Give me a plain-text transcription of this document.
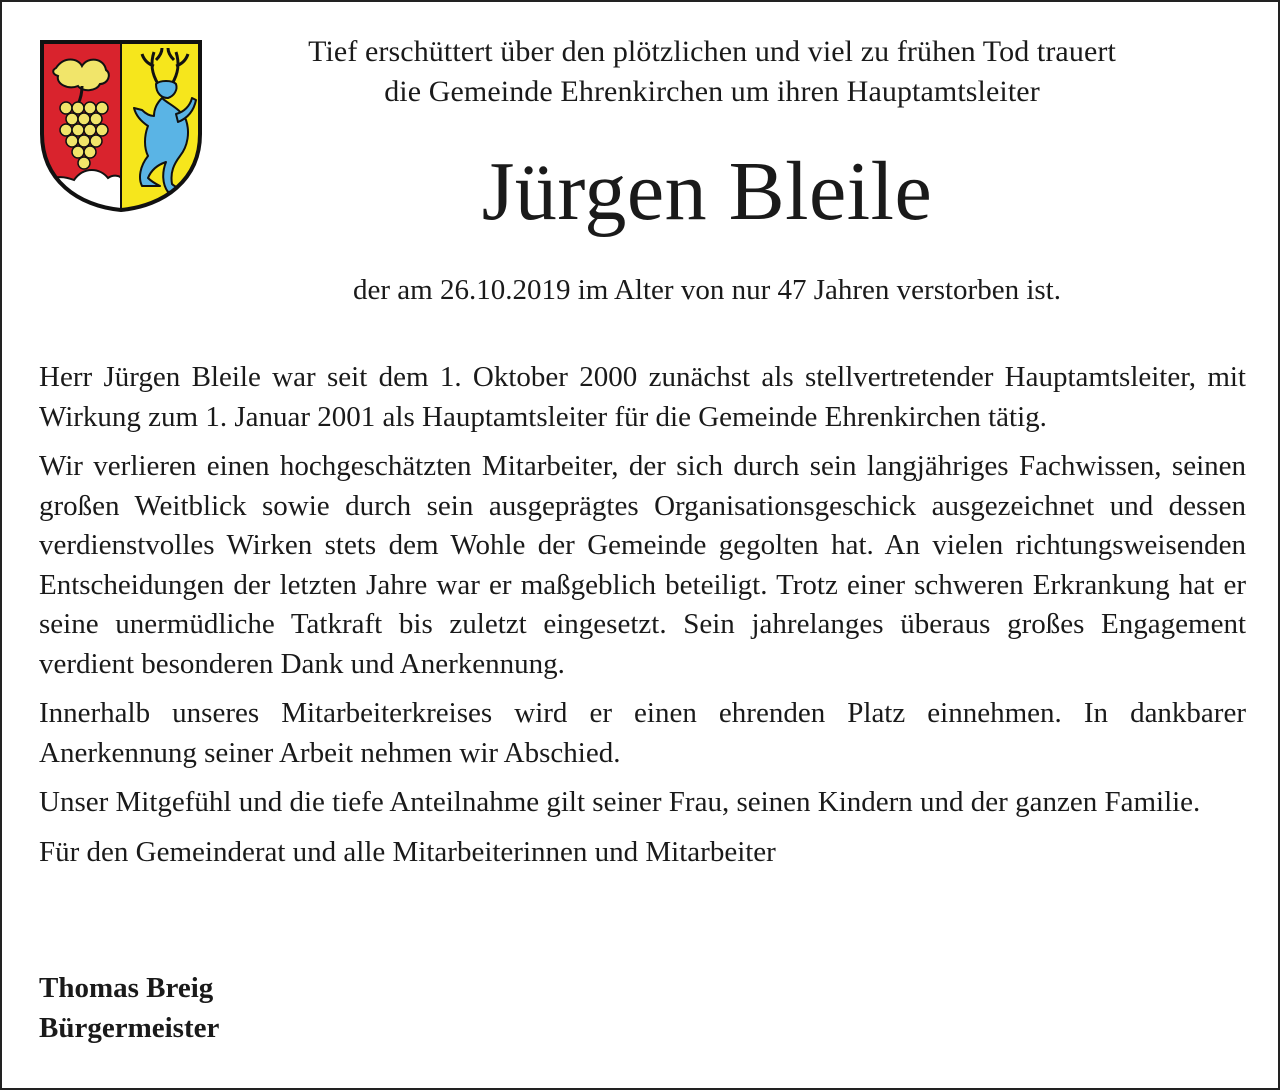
Tief erschüttert über den plötzlichen und viel zu frühen Tod trauert
die Gemeinde Ehrenkirchen um ihren Hauptamtsleiter
Jürgen Bleile
der am 26.10.2019 im Alter von nur 47 Jahren verstorben ist.

Herr Jürgen Bleile war seit dem 1. Oktober 2000 zunächst als stellvertretender Hauptamtsleiter, mit Wirkung zum 1. Januar 2001 als Hauptamtsleiter für die Gemeinde Ehrenkirchen tätig.

Wir verlieren einen hochgeschätzten Mitarbeiter, der sich durch sein langjähriges Fachwissen, seinen großen Weitblick sowie durch sein ausgeprägtes Organisationsgeschick ausgezeichnet und dessen verdienstvolles Wirken stets dem Wohle der Gemeinde gegolten hat. An vielen richtungsweisenden Entscheidungen der letzten Jahre war er maßgeblich beteiligt. Trotz einer schweren Erkrankung hat er seine unermüdliche Tatkraft bis zuletzt eingesetzt. Sein jahrelanges überaus großes Engagement verdient besonderen Dank und Anerkennung.

Innerhalb unseres Mitarbeiterkreises wird er einen ehrenden Platz einnehmen. In dankbarer Anerkennung seiner Arbeit nehmen wir Abschied.

Unser Mitgefühl und die tiefe Anteilnahme gilt seiner Frau, seinen Kindern und der ganzen Familie.

Für den Gemeinderat und alle Mitarbeiterinnen und Mitarbeiter

Thomas Breig
Bürgermeister
